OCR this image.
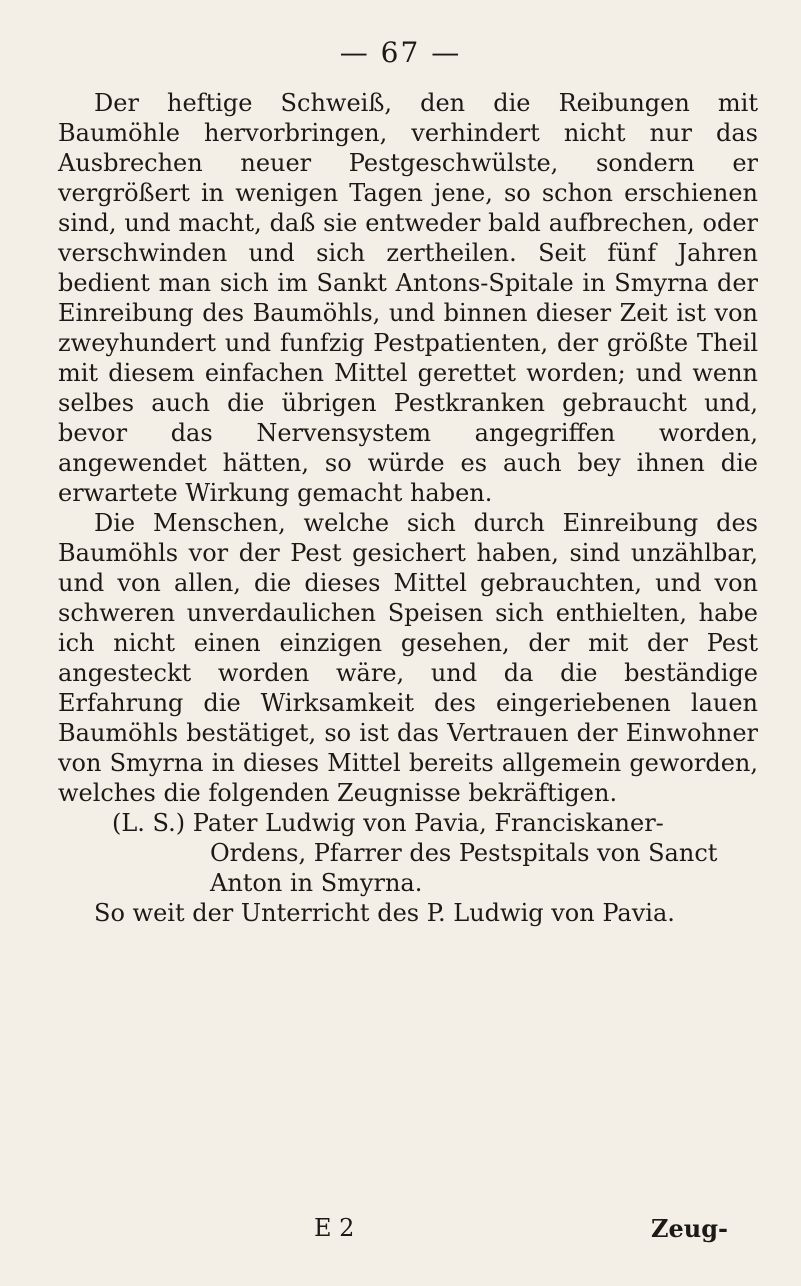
— 67 —

Der heftige Schweiß, den die Reibungen mit Baumöhle hervorbringen, verhindert nicht nur das Ausbrechen neuer Pestgeschwülste, sondern er vergrößert in wenigen Tagen jene, so schon erschienen sind, und macht, daß sie entweder bald aufbrechen, oder verschwinden und sich zertheilen. Seit fünf Jahren bedient man sich im Sankt Antons-Spitale in Smyrna der Einreibung des Baumöhls, und binnen dieser Zeit ist von zweyhundert und funfzig Pestpatienten, der größte Theil mit diesem einfachen Mittel gerettet worden; und wenn selbes auch die übrigen Pestkranken gebraucht und, bevor das Nervensystem angegriffen worden, angewendet hätten, so würde es auch bey ihnen die erwartete Wirkung gemacht haben.

Die Menschen, welche sich durch Einreibung des Baumöhls vor der Pest gesichert haben, sind unzählbar, und von allen, die dieses Mittel gebrauchten, und von schweren unverdaulichen Speisen sich enthielten, habe ich nicht einen einzigen gesehen, der mit der Pest angesteckt worden wäre, und da die beständige Erfahrung die Wirksamkeit des eingeriebenen lauen Baumöhls bestätiget, so ist das Vertrauen der Einwohner von Smyrna in dieses Mittel bereits allgemein geworden, welches die folgenden Zeugnisse bekräftigen.

(L. S.) Pater Ludwig von Pavia, Franciskaner-
Ordens, Pfarrer des Pestspitals von Sanct
Anton in Smyrna.

So weit der Unterricht des P. Ludwig von Pavia.

E 2	Zeug-
